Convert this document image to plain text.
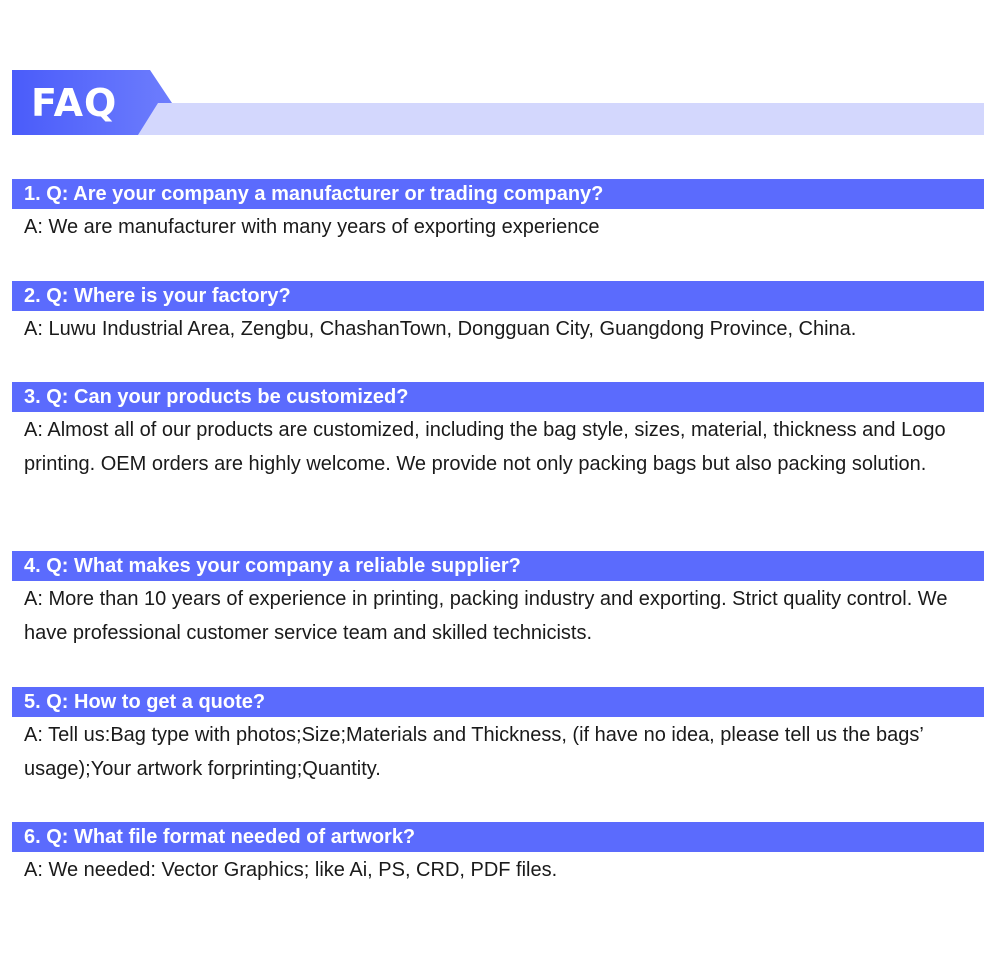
FAQ
1. Q: Are your company a manufacturer or trading company?
A: We are manufacturer with many years of exporting experience
2. Q: Where is your factory?
A: Luwu Industrial Area, Zengbu, ChashanTown, Dongguan City, Guangdong Province, China.
3. Q: Can your products be customized?
A: Almost all of our products are customized, including the bag style, sizes, material, thickness and Logo printing. OEM orders are highly welcome. We provide not only packing bags but also packing solution.
4. Q: What makes your company a reliable supplier?
A: More than 10 years of experience in printing, packing industry and exporting. Strict quality control. We have professional customer service team and skilled technicists.
5. Q: How to get a quote?
A: Tell us:Bag type with photos;Size;Materials and Thickness, (if have no idea, please tell us the bags’ usage);Your artwork forprinting;Quantity.
6. Q: What file format needed of artwork?
A: We needed: Vector Graphics; like Ai, PS, CRD, PDF files.
